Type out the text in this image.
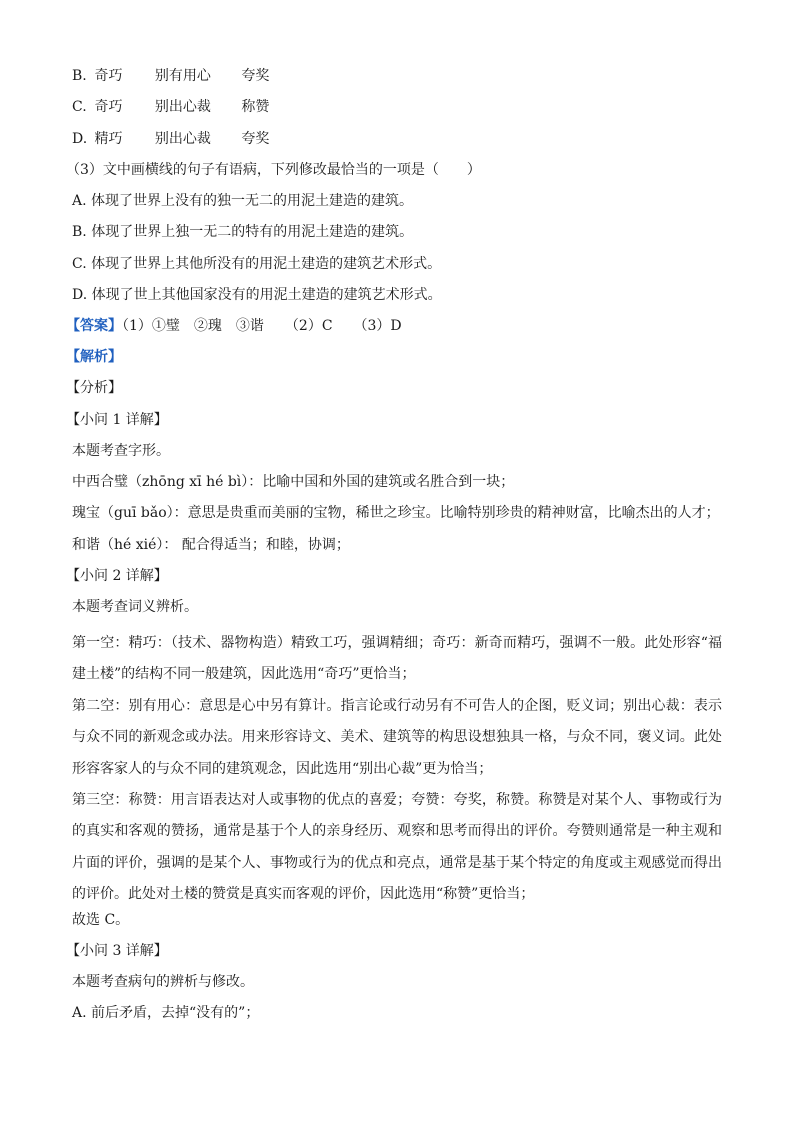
B. 奇巧 别有用心 夸奖
C. 奇巧 别出心裁 称赞
D. 精巧 别出心裁 夸奖
（3）文中画横线的句子有语病，下列修改最恰当的一项是（　　）
A. 体现了世界上没有的独一无二的用泥土建造的建筑。
B. 体现了世界上独一无二的特有的用泥土建造的建筑。
C. 体现了世界上其他所没有的用泥土建造的建筑艺术形式。
D. 体现了世上其他国家没有的用泥土建造的建筑艺术形式。
【答案】（1）①璧　②瑰　③谐　　（2）C　　（3）D
【解析】
【分析】
【小问 1 详解】
本题考查字形。
中西合璧（zhōng xī hé bì）：比喻中国和外国的建筑或名胜合到一块；
瑰宝（guī bǎo）：意思是贵重而美丽的宝物，稀世之珍宝。比喻特别珍贵的精神财富，比喻杰出的人才；
和谐（hé xié）： 配合得适当；和睦，协调；
【小问 2 详解】
本题考查词义辨析。
第一空：精巧：（技术、器物构造）精致工巧，强调精细；奇巧：新奇而精巧，强调不一般。此处形容“福建土楼”的结构不同一般建筑，因此选用“奇巧”更恰当；
第二空：别有用心：意思是心中另有算计。指言论或行动另有不可告人的企图，贬义词；别出心裁：表示与众不同的新观念或办法。用来形容诗文、美术、建筑等的构思设想独具一格，与众不同，褒义词。此处形容客家人的与众不同的建筑观念，因此选用“别出心裁”更为恰当；
第三空：称赞：用言语表达对人或事物的优点的喜爱；夸赞：夸奖，称赞。称赞是对某个人、事物或行为的真实和客观的赞扬，通常是基于个人的亲身经历、观察和思考而得出的评价。夸赞则通常是一种主观和片面的评价，强调的是某个人、事物或行为的优点和亮点，通常是基于某个特定的角度或主观感觉而得出的评价。此处对土楼的赞赏是真实而客观的评价，因此选用“称赞”更恰当；
故选 C。
【小问 3 详解】
本题考查病句的辨析与修改。
A. 前后矛盾，去掉“没有的”；
